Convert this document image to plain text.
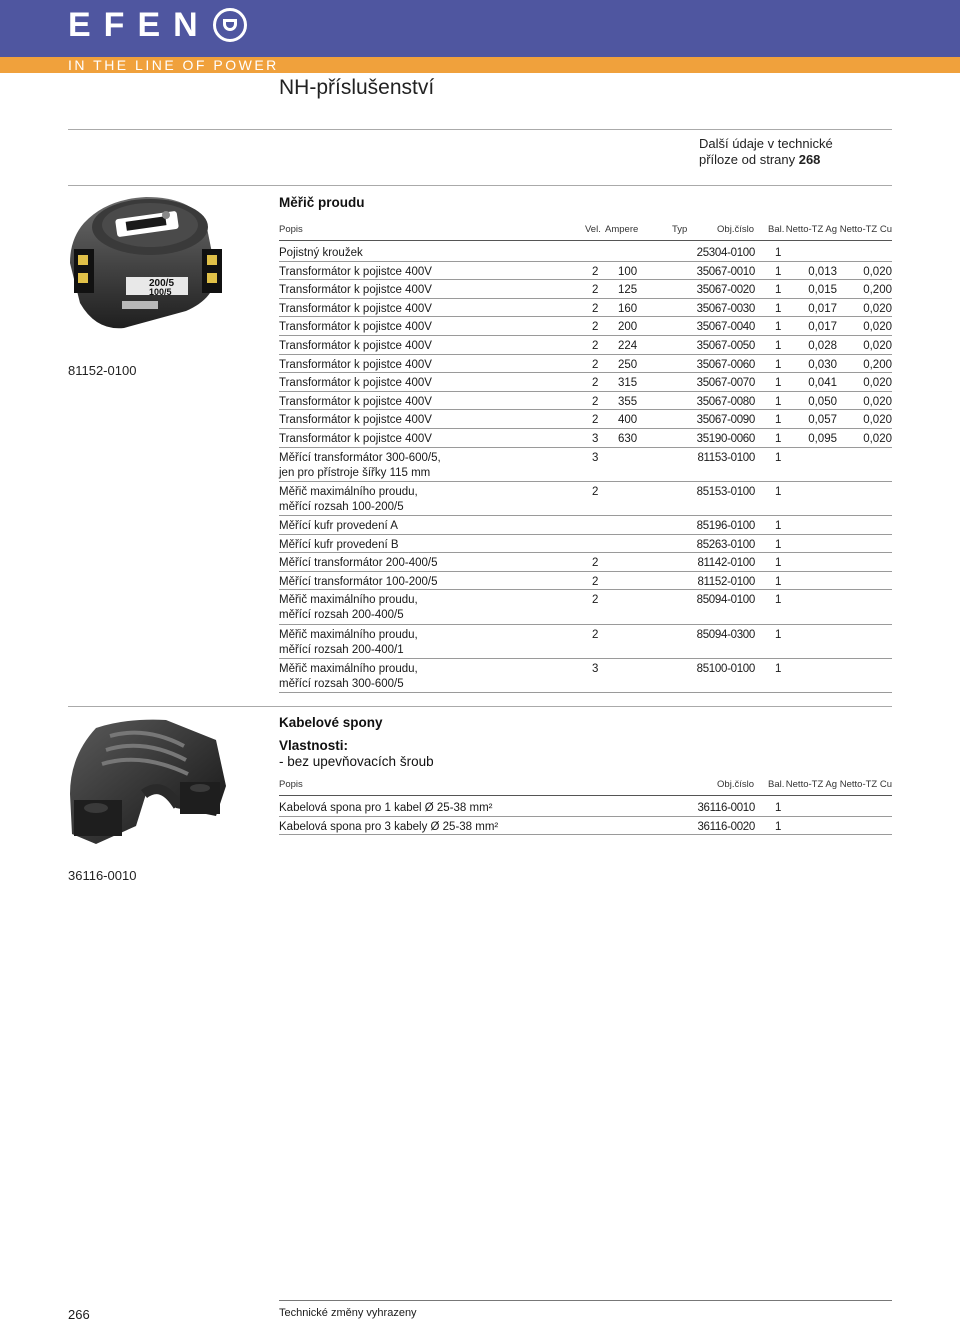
EFEN
IN THE LINE OF POWER
NH-příslušenství
Další údaje v technické
příloze od strany 268
Měřič proudu
200/5
100/5
81152-0100
Popis	Vel. Ampere	Typ	Obj.číslo Bal. Netto-TZ Ag Netto-TZ Cu
Pojistný kroužek	25304-0100 1
Transformátor k pojistce 400V	2 100	35067-0010 1 0,013 0,020
Transformátor k pojistce 400V	2 125	35067-0020 1 0,015 0,200
Transformátor k pojistce 400V	2 160	35067-0030 1 0,017 0,020
Transformátor k pojistce 400V	2 200	35067-0040 1 0,017 0,020
Transformátor k pojistce 400V	2 224	35067-0050 1 0,028 0,020
Transformátor k pojistce 400V	2 250	35067-0060 1 0,030 0,200
Transformátor k pojistce 400V	2 315	35067-0070 1 0,041 0,020
Transformátor k pojistce 400V	2 355	35067-0080 1 0,050 0,020
Transformátor k pojistce 400V	2 400	35067-0090 1 0,057 0,020
Transformátor k pojistce 400V	3 630	35190-0060 1 0,095 0,020
Měřící transformátor 300-600/5,
jen pro přístroje šířky 115 mm
3	81153-0100 1
Měřič maximálního proudu,
měřící rozsah 100-200/5
2	85153-0100 1
Měřící kufr provedení A	85196-0100 1
Měřící kufr provedení B	85263-0100 1
Měřící transformátor 200-400/5	2	81142-0100 1
Měřící transformátor 100-200/5	2	81152-0100 1
Měřič maximálního proudu,
měřící rozsah 200-400/5
2	85094-0100 1
Měřič maximálního proudu,
měřící rozsah 200-400/1
2	85094-0300 1
Měřič maximálního proudu,
měřící rozsah 300-600/5
3	85100-0100 1
Kabelové spony
Vlastnosti:
- bez upevňovacích šroub
36116-0010
Popis	Obj.číslo Bal. Netto-TZ Ag Netto-TZ Cu
Kabelová spona pro 1 kabel Ø 25-38 mm²	36116-0010 1
Kabelová spona pro 3 kabely Ø 25-38 mm²	36116-0020 1
266	Technické změny vyhrazeny
